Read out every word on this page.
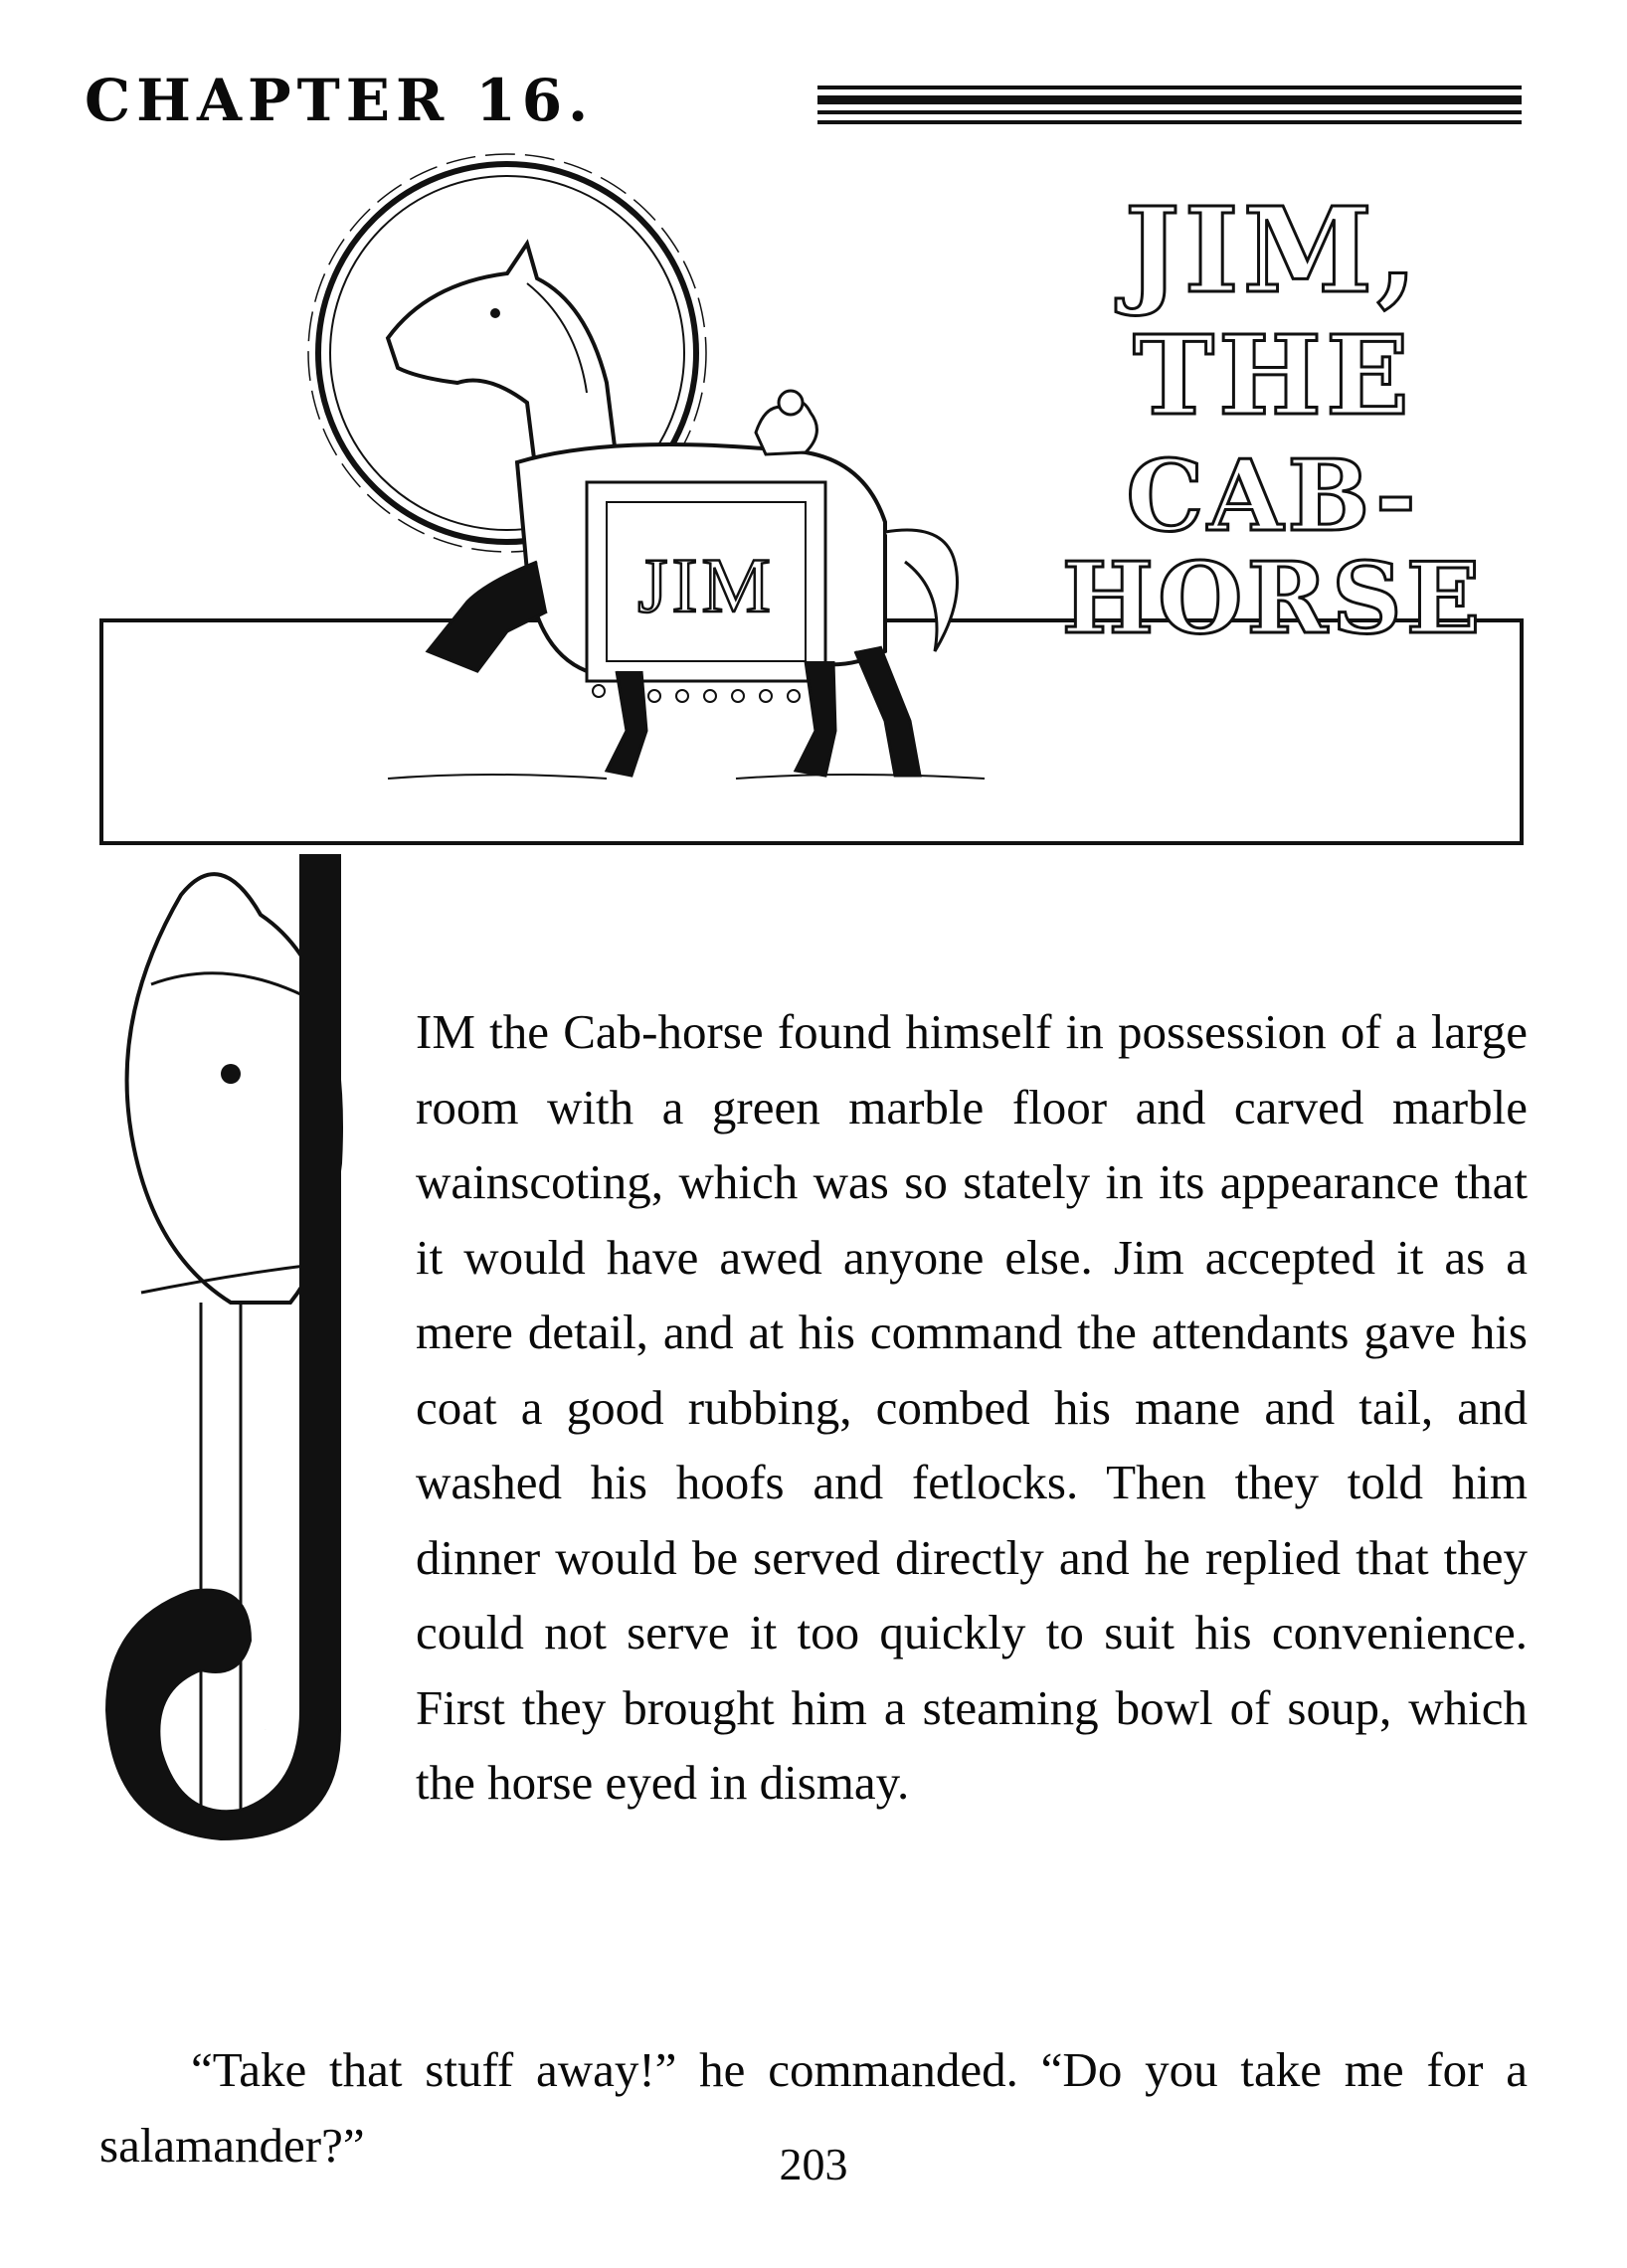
CHAPTER 16.
JIM
JIM,
THE
CAB-HORSE
J

IM the Cab-horse found himself in possession of a large room with a green marble floor and carved marble wainscoting, which was so stately in its appearance that it would have awed anyone else. Jim accepted it as a mere detail, and at his command the attendants gave his coat a good rubbing, combed his mane and tail, and washed his hoofs and fetlocks. Then they told him dinner would be served directly and he replied that they could not serve it too quickly to suit his convenience. First they brought him a steaming bowl of soup, which the horse eyed in dismay.

“Take that stuff away!” he commanded. “Do you take me for a salamander?”	203
